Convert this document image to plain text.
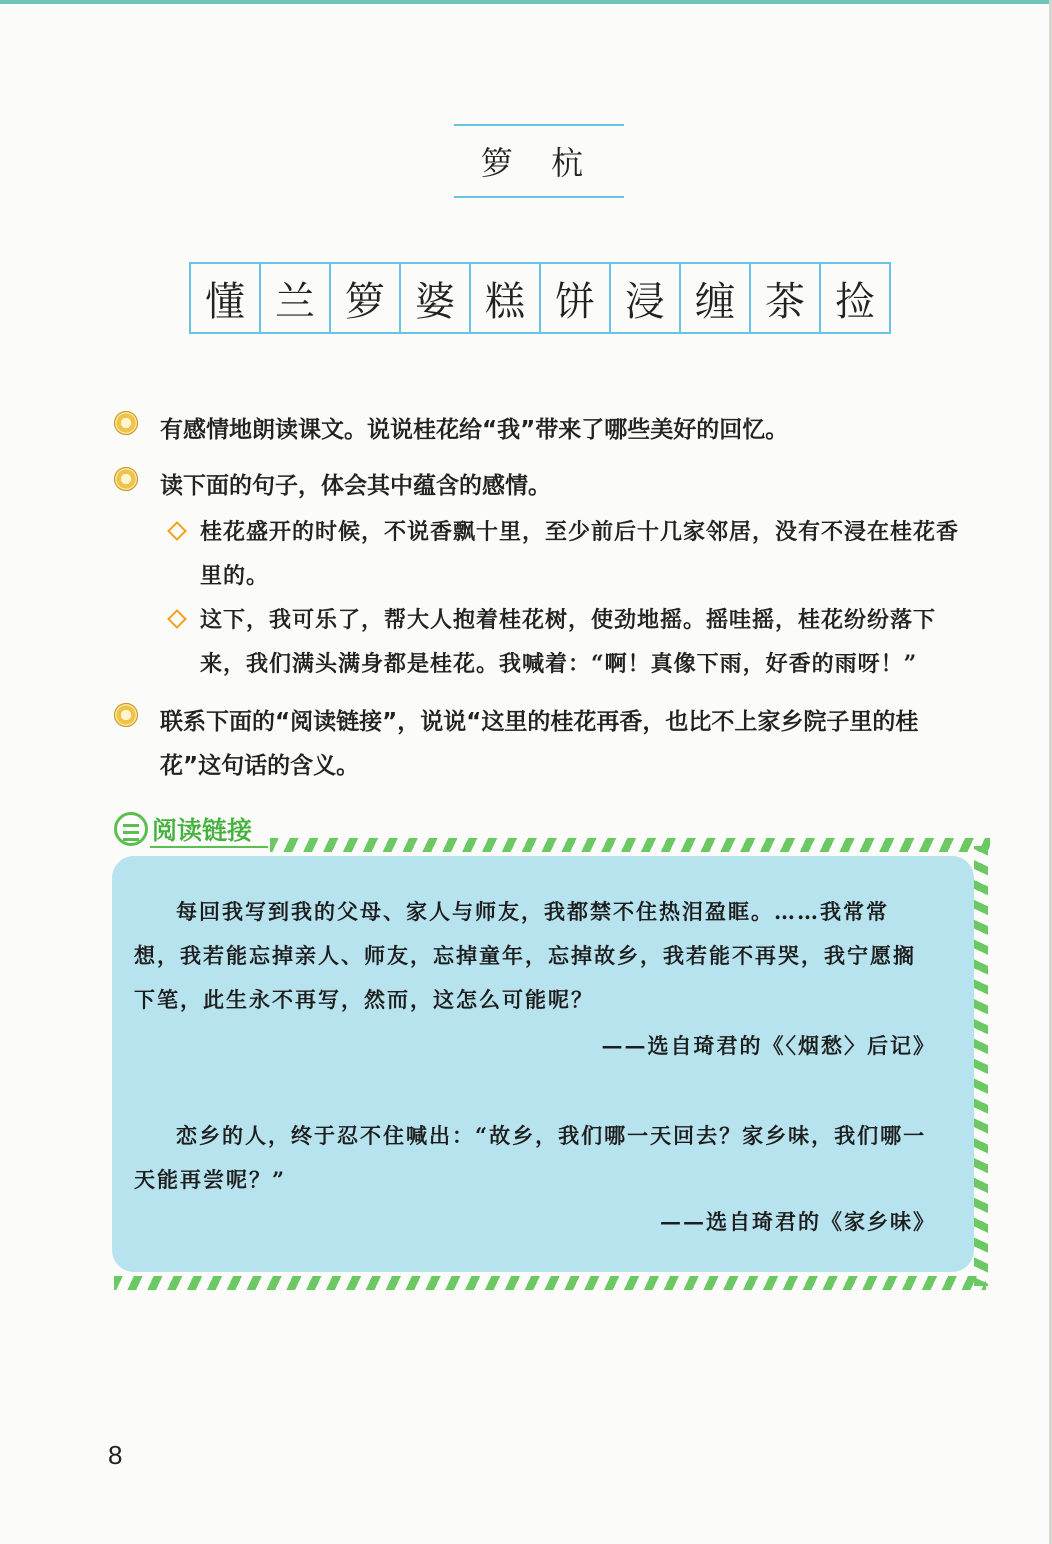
箩 杭
懂 兰 箩 婆 糕 饼 浸 缠 茶 捡
有感情地朗读课文。说说桂花给“我”带来了哪些美好的回忆。
读下面的句子，体会其中蕴含的感情。
桂花盛开的时候，不说香飘十里，至少前后十几家邻居，没有不浸在桂花香里的。
这下，我可乐了，帮大人抱着桂花树，使劲地摇。摇哇摇，桂花纷纷落下来，我们满头满身都是桂花。我喊着：“啊！真像下雨，好香的雨呀！”
联系下面的“阅读链接”，说说“这里的桂花再香，也比不上家乡院子里的桂花”这句话的含义。
阅读链接

每回我写到我的父母、家人与师友，我都禁不住热泪盈眶。……我常常想，我若能忘掉亲人、师友，忘掉童年，忘掉故乡，我若能不再哭，我宁愿搁下笔，此生永不再写，然而，这怎么可能呢？

——选自琦君的《〈烟愁〉后记》

恋乡的人，终于忍不住喊出：“故乡，我们哪一天回去？家乡味，我们哪一天能再尝呢？”

——选自琦君的《家乡味》
8
